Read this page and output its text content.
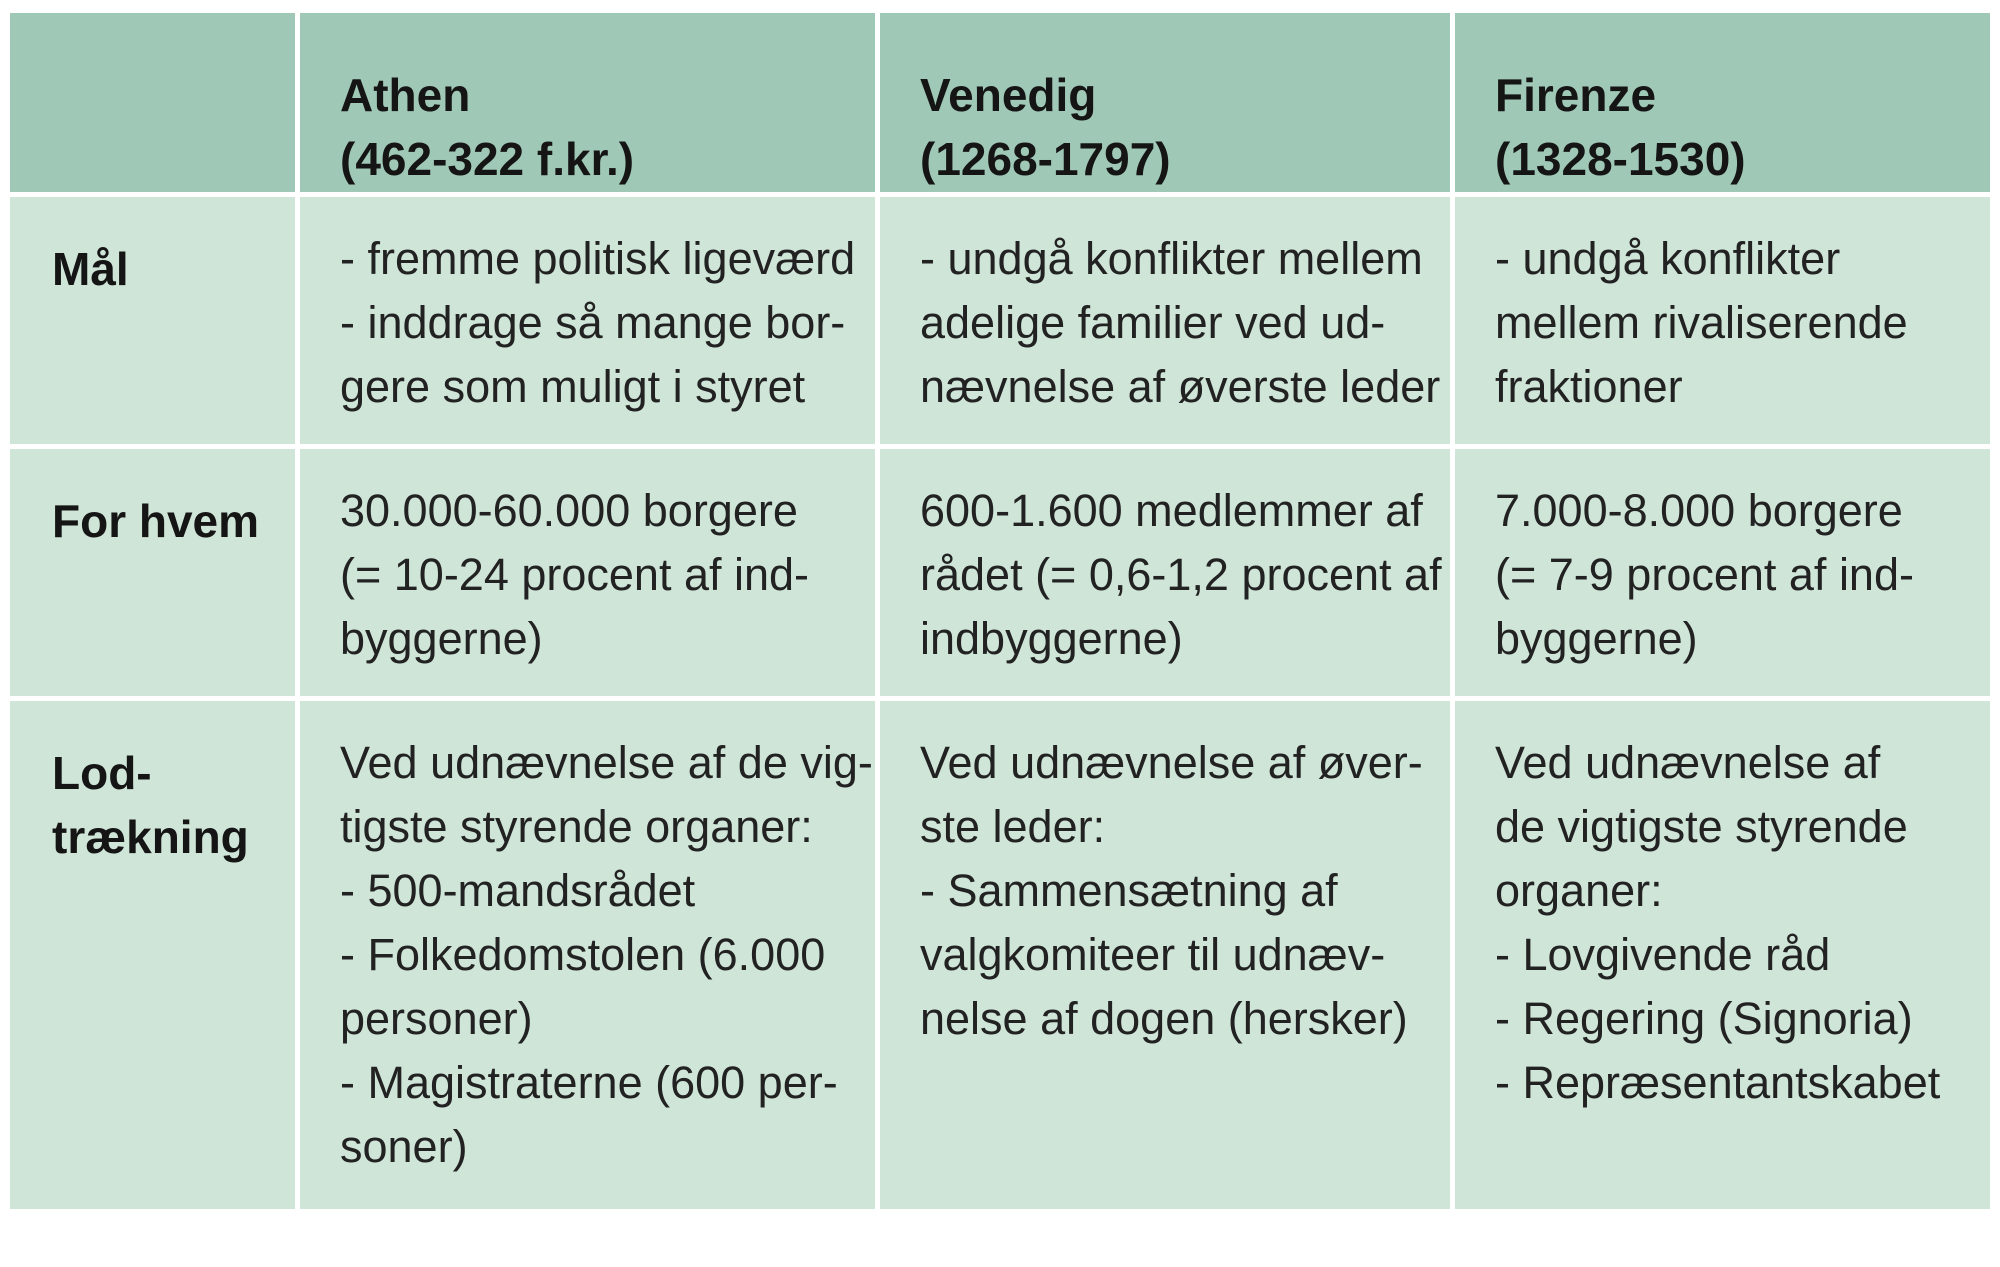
Athen
(462-322 f.kr.)
Venedig
(1268-1797)
Firenze
(1328-1530)
Mål	- fremme politisk ligeværd
- inddrage så mange bor-
gere som muligt i styret
- undgå konflikter mellem
adelige familier ved ud-
nævnelse af øverste leder
- undgå konflikter
mellem rivaliserende
fraktioner
For hvem	30.000-60.000 borgere
(= 10-24 procent af ind-
byggerne)
600-1.600 medlemmer af
rådet (= 0,6-1,2 procent af
indbyggerne)
7.000-8.000 borgere
(= 7-9 procent af ind-
byggerne)
Lod-
trækning
Ved udnævnelse af de vig-
tigste styrende organer:
- 500-mandsrådet
- Folkedomstolen (6.000
personer)
- Magistraterne (600 per-
soner)
Ved udnævnelse af øver-
ste leder:
- Sammensætning af
valgkomiteer til udnæv-
nelse af dogen (hersker)
Ved udnævnelse af
de vigtigste styrende
organer:
- Lovgivende råd
- Regering (Signoria)
- Repræsentantskabet
